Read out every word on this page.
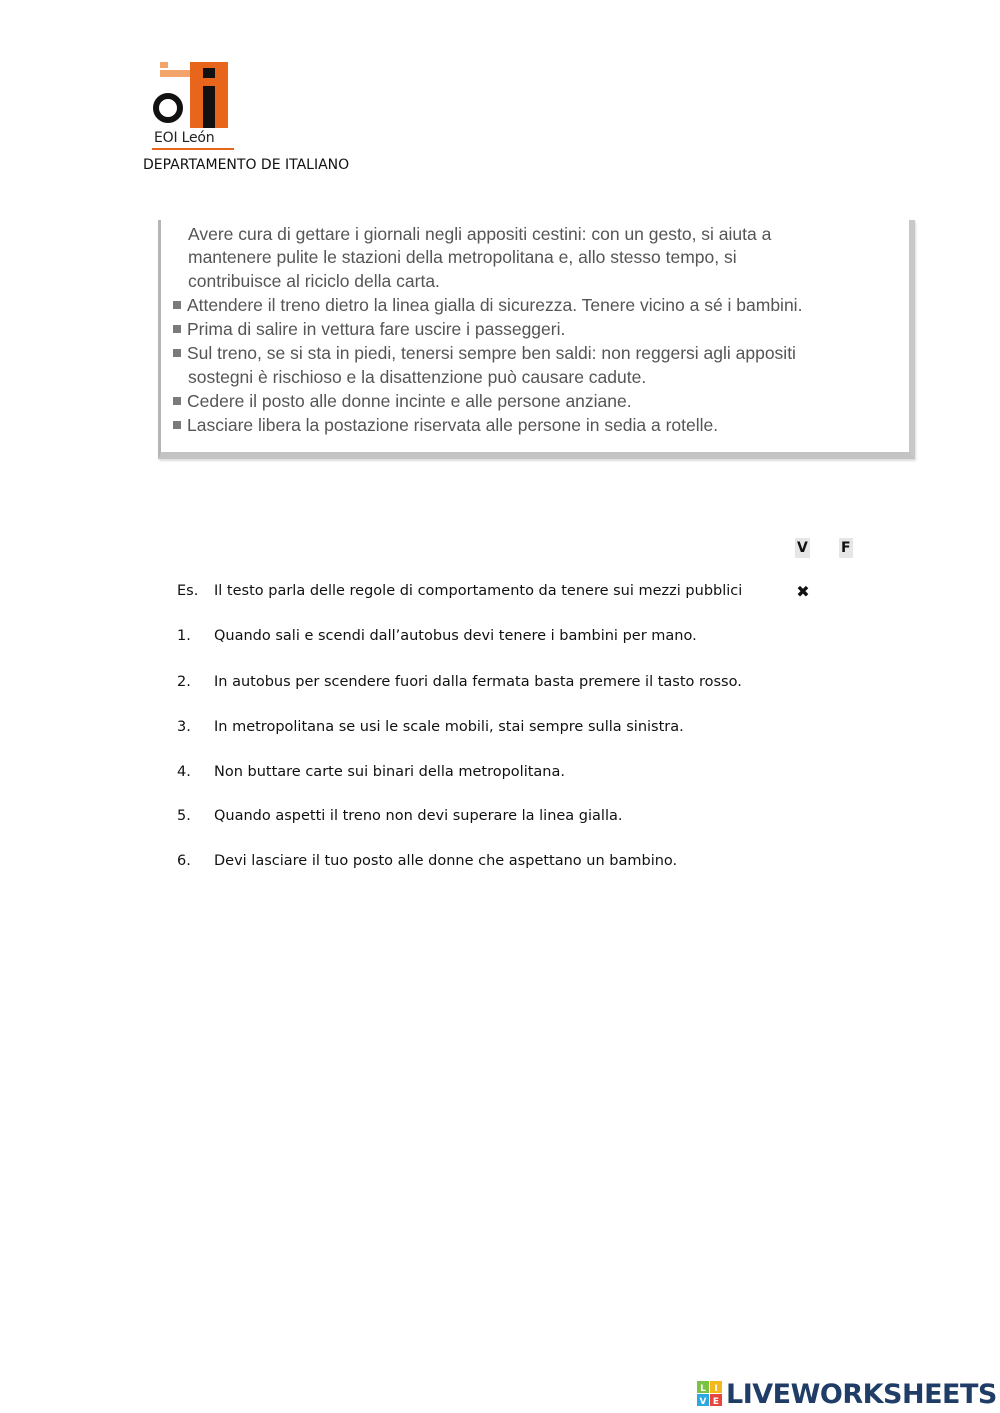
EOI León
DEPARTAMENTO DE ITALIANO
Avere cura di gettare i giornali negli appositi cestini: con un gesto, si aiuta a
mantenere pulite le stazioni della metropolitana e, allo stesso tempo, si
contribuisce al riciclo della carta.
Attendere il treno dietro la linea gialla di sicurezza. Tenere vicino a sé i bambini.
Prima di salire in vettura fare uscire i passeggeri.
Sul treno, se si sta in piedi, tenersi sempre ben saldi: non reggersi agli appositi
sostegni è rischioso e la disattenzione può causare cadute.
Cedere il posto alle donne incinte e alle persone anziane.
Lasciare libera la postazione riservata alle persone in sedia a rotelle.
V F
Es. Il testo parla delle regole di comportamento da tenere sui mezzi pubblici	✖
1. Quando sali e scendi dall’autobus devi tenere i bambini per mano.
2. In autobus per scendere fuori dalla fermata basta premere il tasto rosso.
3. In metropolitana se usi le scale mobili, stai sempre sulla sinistra.
4. Non buttare carte sui binari della metropolitana.
5. Quando aspetti il treno non devi superare la linea gialla.
6. Devi lasciare il tuo posto alle donne che aspettano un bambino.
L I
V E LIVEWORKSHEETS
